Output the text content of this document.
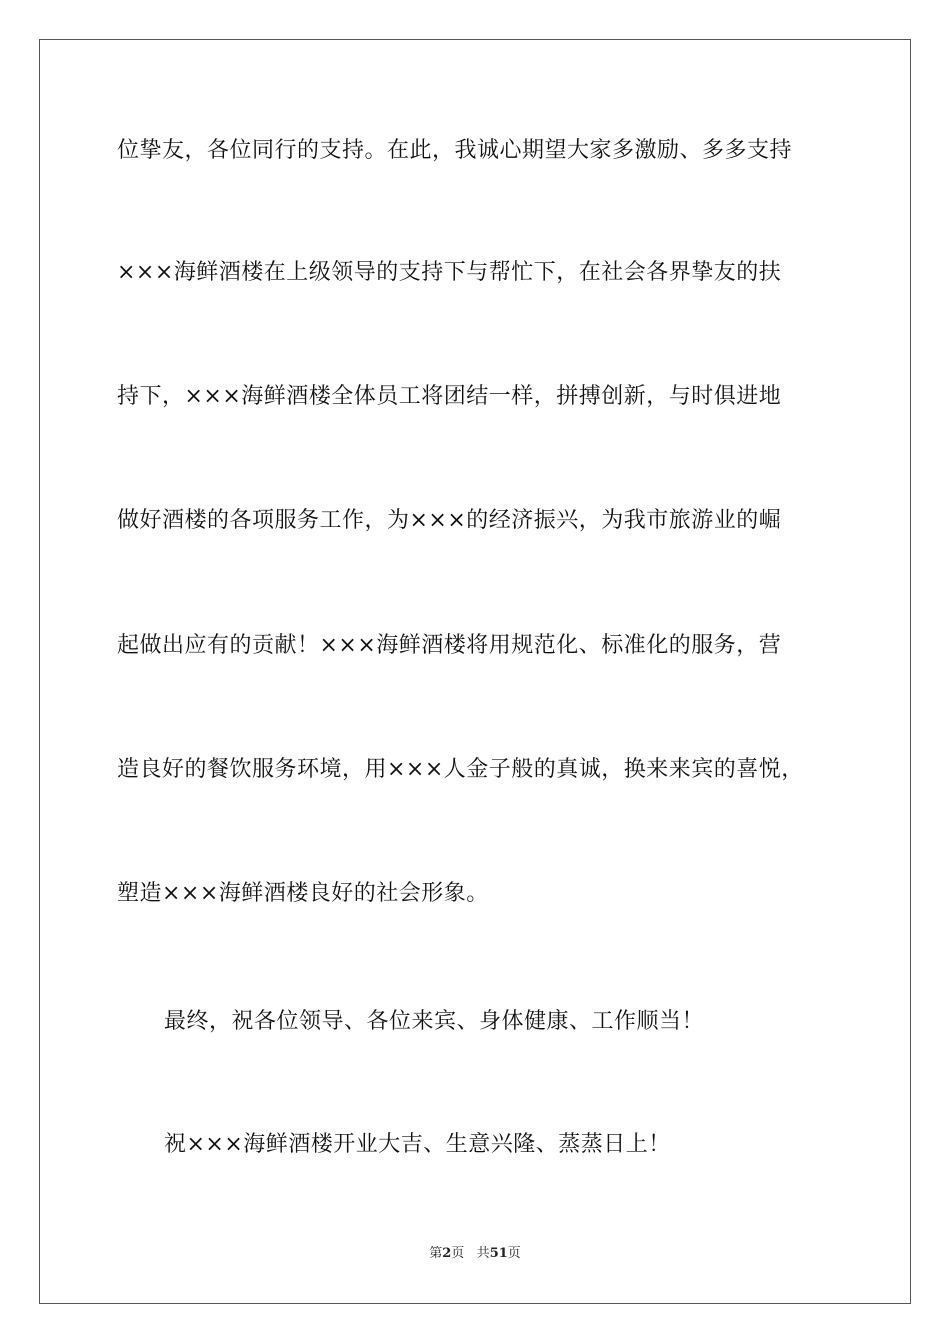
位挚友，各位同行的支持。在此，我诚心期望大家多激励、多多支持
×××海鲜酒楼在上级领导的支持下与帮忙下，在社会各界挚友的扶
持下，×××海鲜酒楼全体员工将团结一样，拼搏创新，与时俱进地
做好酒楼的各项服务工作，为×××的经济振兴，为我市旅游业的崛
起做出应有的贡献！×××海鲜酒楼将用规范化、标准化的服务，营
造良好的餐饮服务环境，用×××人金子般的真诚，换来来宾的喜悦，
塑造×××海鲜酒楼良好的社会形象。
最终，祝各位领导、各位来宾、身体健康、工作顺当！
祝×××海鲜酒楼开业大吉、生意兴隆、蒸蒸日上！
第2页 共51页
